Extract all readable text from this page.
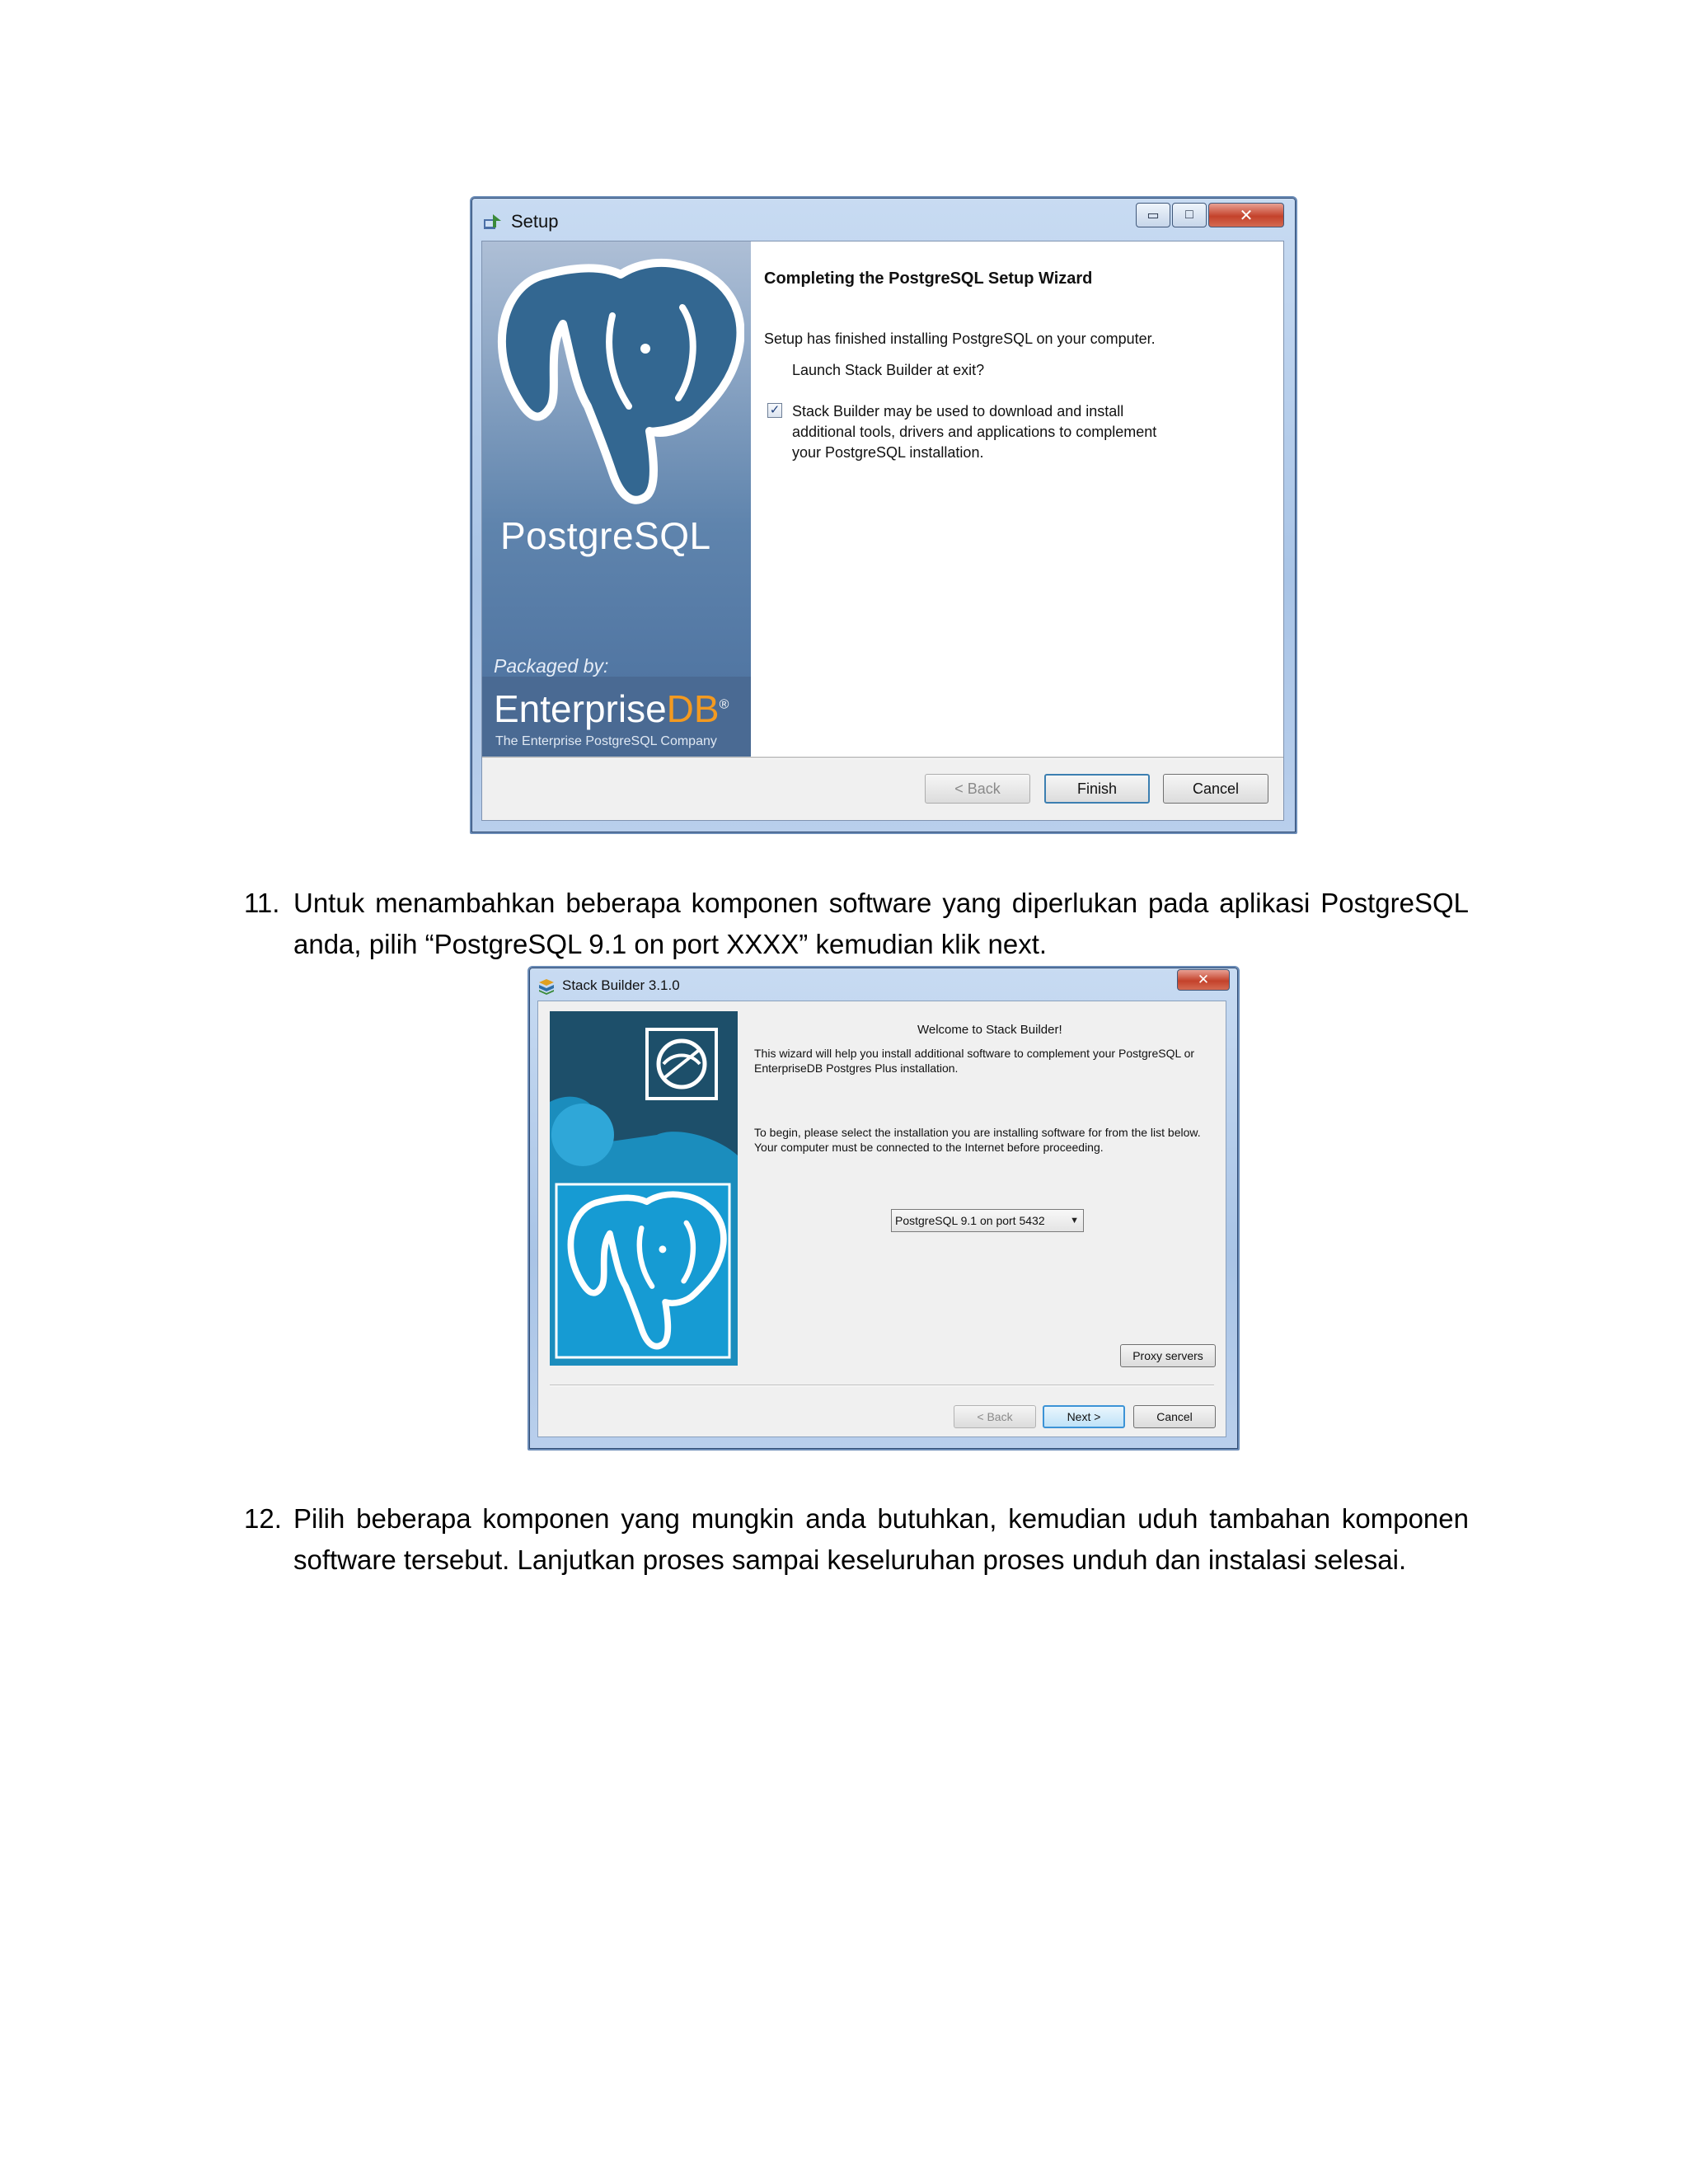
Setup	▭ □	✕
PostgreSQL
Packaged by:
EnterpriseDB®
The Enterprise PostgreSQL Company
Completing the PostgreSQL Setup Wizard
Setup has finished installing PostgreSQL on your computer.
Launch Stack Builder at exit?
✓ Stack Builder may be used to download and install additional tools, drivers and applications to complement your PostgreSQL installation.
< Back	Finish	Cancel
11. Untuk menambahkan beberapa komponen software yang diperlukan pada aplikasi PostgreSQL
anda, pilih “PostgreSQL 9.1 on port XXXX” kemudian klik next.
Stack Builder 3.1.0	✕
Welcome to Stack Builder!
This wizard will help you install additional software to complement your PostgreSQL or EnterpriseDB Postgres Plus installation.
To begin, please select the installation you are installing software for from the list below. Your computer must be connected to the Internet before proceeding.
PostgreSQL 9.1 on port 5432	▼
Proxy servers
< Back	Next >	Cancel
12. Pilih beberapa komponen yang mungkin anda butuhkan, kemudian uduh tambahan komponen
software tersebut. Lanjutkan proses sampai keseluruhan proses unduh dan instalasi selesai.
